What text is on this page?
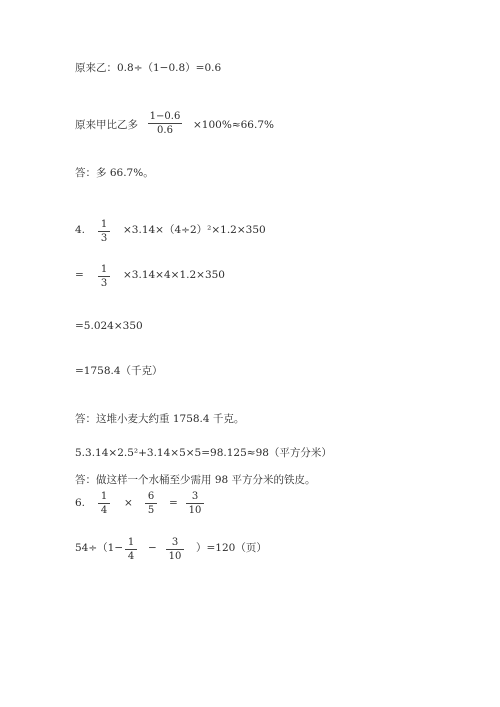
原来乙：0.8÷（1−0.8）=0.6
原来甲比乙多
1−0.6
0.6	×100%≈66.7%
答：多 66.7%。
4. 1
3
×3.14×（4÷2）²×1.2×350
= 1
3
×3.14×4×1.2×350
=5.024×350
=1758.4（千克）
答：这堆小麦大约重 1758.4 千克。
5.3.14×2.5²+3.14×5×5=98.125≈98（平方分米）
答：做这样一个水桶至少需用 98 平方分米的铁皮。
6.
1
4
×
6
5
=
3
10
54÷（1− 1
4
−	3
10
）=120（页）
